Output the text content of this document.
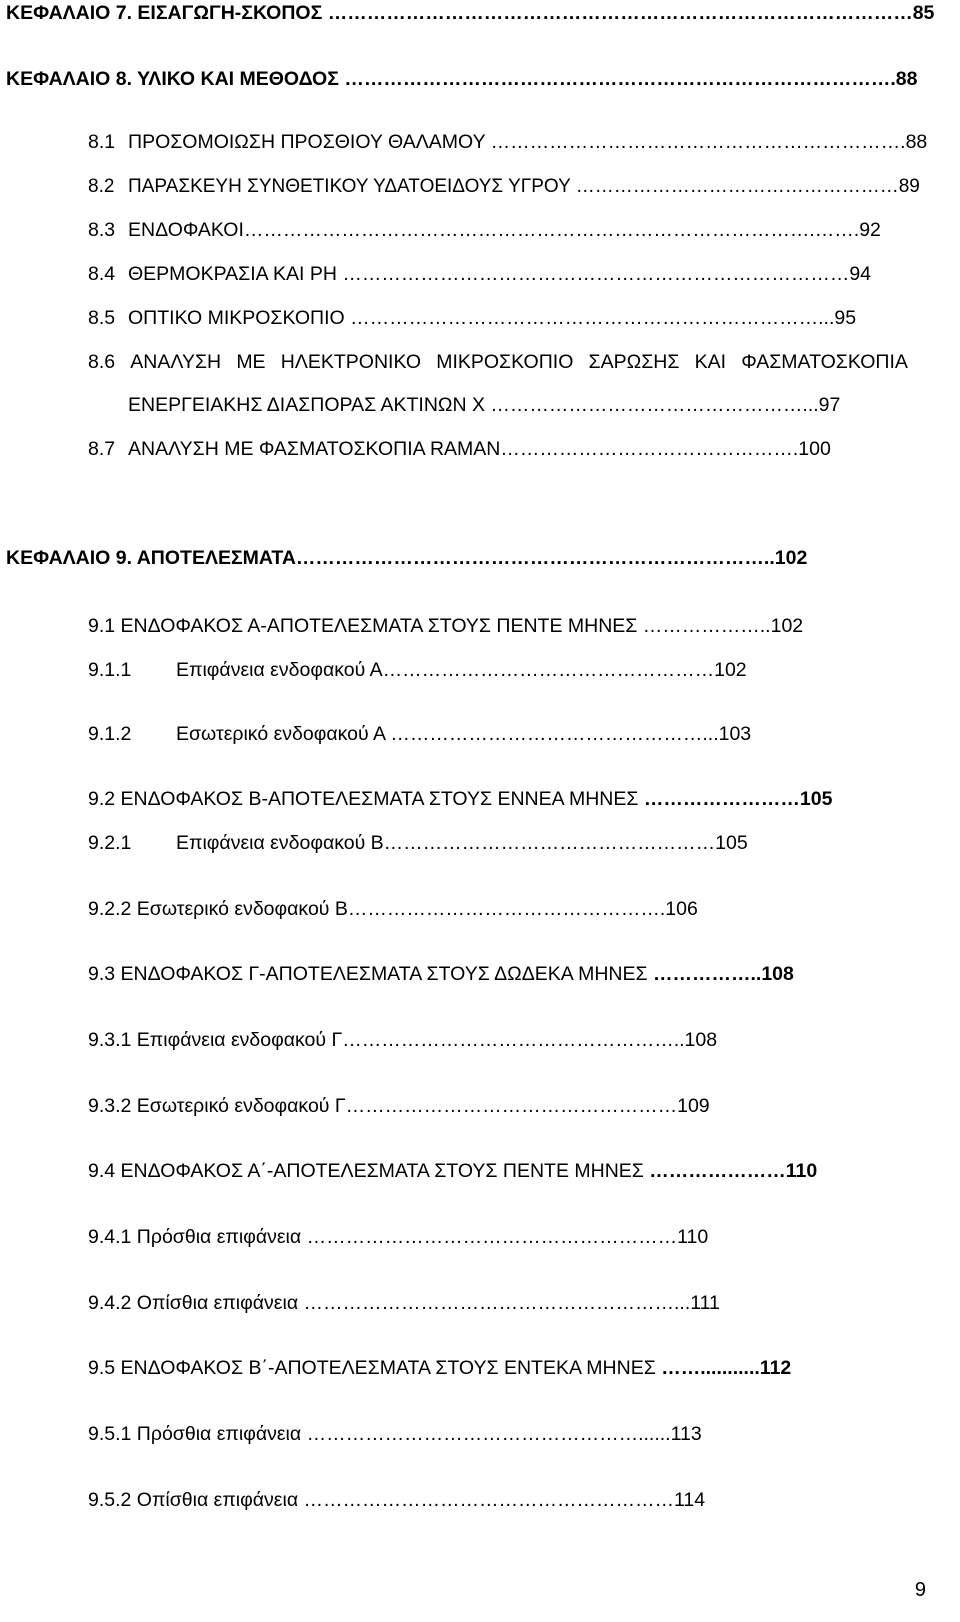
ΚΕΦΑΛΑΙΟ 7. ΕΙΣΑΓΩΓΗ-ΣΚΟΠΟΣ ………………………………………………………………………………85
ΚΕΦΑΛΑΙΟ 8. ΥΛΙΚΟ ΚΑΙ ΜΕΘΟΔΟΣ ………………………………………………………………………….88
8.1 ΠΡΟΣΟΜΟΙΩΣΗ ΠΡΟΣΘΙΟΥ ΘΑΛΑΜΟΥ ……………………………………………………….88
8.2 ΠΑΡΑΣΚΕΥΗ ΣΥΝΘΕΤΙΚΟΥ ΥΔΑΤΟΕΙΔΟΥΣ ΥΓΡΟΥ ……………………………………………89
8.3 ΕΝΔΟΦΑΚΟΙ…………………………………………………………………………….…….92
8.4 ΘΕΡΜΟΚΡΑΣΙΑ ΚΑΙ PH ……………………………………………………………………94
8.5 ΟΠΤΙΚΟ ΜΙΚΡΟΣΚΟΠΙΟ ………………………………………………………………...95
8.6 ΑΝΑΛΥΣΗ ΜΕ ΗΛΕΚΤΡΟΝΙΚΟ ΜΙΚΡΟΣΚΟΠΙΟ ΣΑΡΩΣΗΣ ΚΑΙ ΦΑΣΜΑΤΟΣΚΟΠΙΑ
ΕΝΕΡΓΕΙΑΚΗΣ ΔΙΑΣΠΟΡΑΣ ΑΚΤΙΝΩΝ Χ …………………………………………...97
8.7 ΑΝΑΛΥΣΗ ΜΕ ΦΑΣΜΑΤΟΣΚΟΠΙΑ RAMAN……………………………………….100
ΚΕΦΑΛΑΙΟ 9. ΑΠΟΤΕΛΕΣΜΑΤΑ………………………………………………………………..102
9.1 ΕΝΔΟΦΑΚΟΣ Α-ΑΠΟΤΕΛΕΣΜΑΤΑ ΣΤΟΥΣ ΠΕΝΤΕ ΜΗΝΕΣ ………………..102
9.1.1 Επιφάνεια ενδοφακού Α……………………………………………102
9.1.2 Εσωτερικό ενδοφακού Α …………………………………………...103
9.2 ΕΝΔΟΦΑΚΟΣ Β-ΑΠΟΤΕΛΕΣΜΑΤΑ ΣΤΟΥΣ ΕΝΝΕΑ ΜΗΝΕΣ ……………………105
9.2.1 Επιφάνεια ενδοφακού Β……………………………………………105
9.2.2 Εσωτερικό ενδοφακού Β………………………………………….106
9.3 ΕΝΔΟΦΑΚΟΣ Γ-ΑΠΟΤΕΛΕΣΜΑΤΑ ΣΤΟΥΣ ΔΩΔΕΚΑ ΜΗΝΕΣ ……………..108
9.3.1 Επιφάνεια ενδοφακού Γ……………………………………………..108
9.3.2 Εσωτερικό ενδοφακού Γ……………………………………………109
9.4 ΕΝΔΟΦΑΚΟΣ Α΄-ΑΠΟΤΕΛΕΣΜΑΤΑ ΣΤΟΥΣ ΠΕΝΤΕ ΜΗΝΕΣ …………………110
9.4.1 Πρόσθια επιφάνεια …………………………………………………110
9.4.2 Οπίσθια επιφάνεια …………………………………………………...111
9.5 ΕΝΔΟΦΑΚΟΣ Β΄-ΑΠΟΤΕΛΕΣΜΑΤΑ ΣΤΟΥΣ ΕΝΤΕΚΑ ΜΗΝΕΣ ……...........112
9.5.1 Πρόσθια επιφάνεια ……………………………………………......113
9.5.2 Οπίσθια επιφάνεια …………………………………………………114
9
